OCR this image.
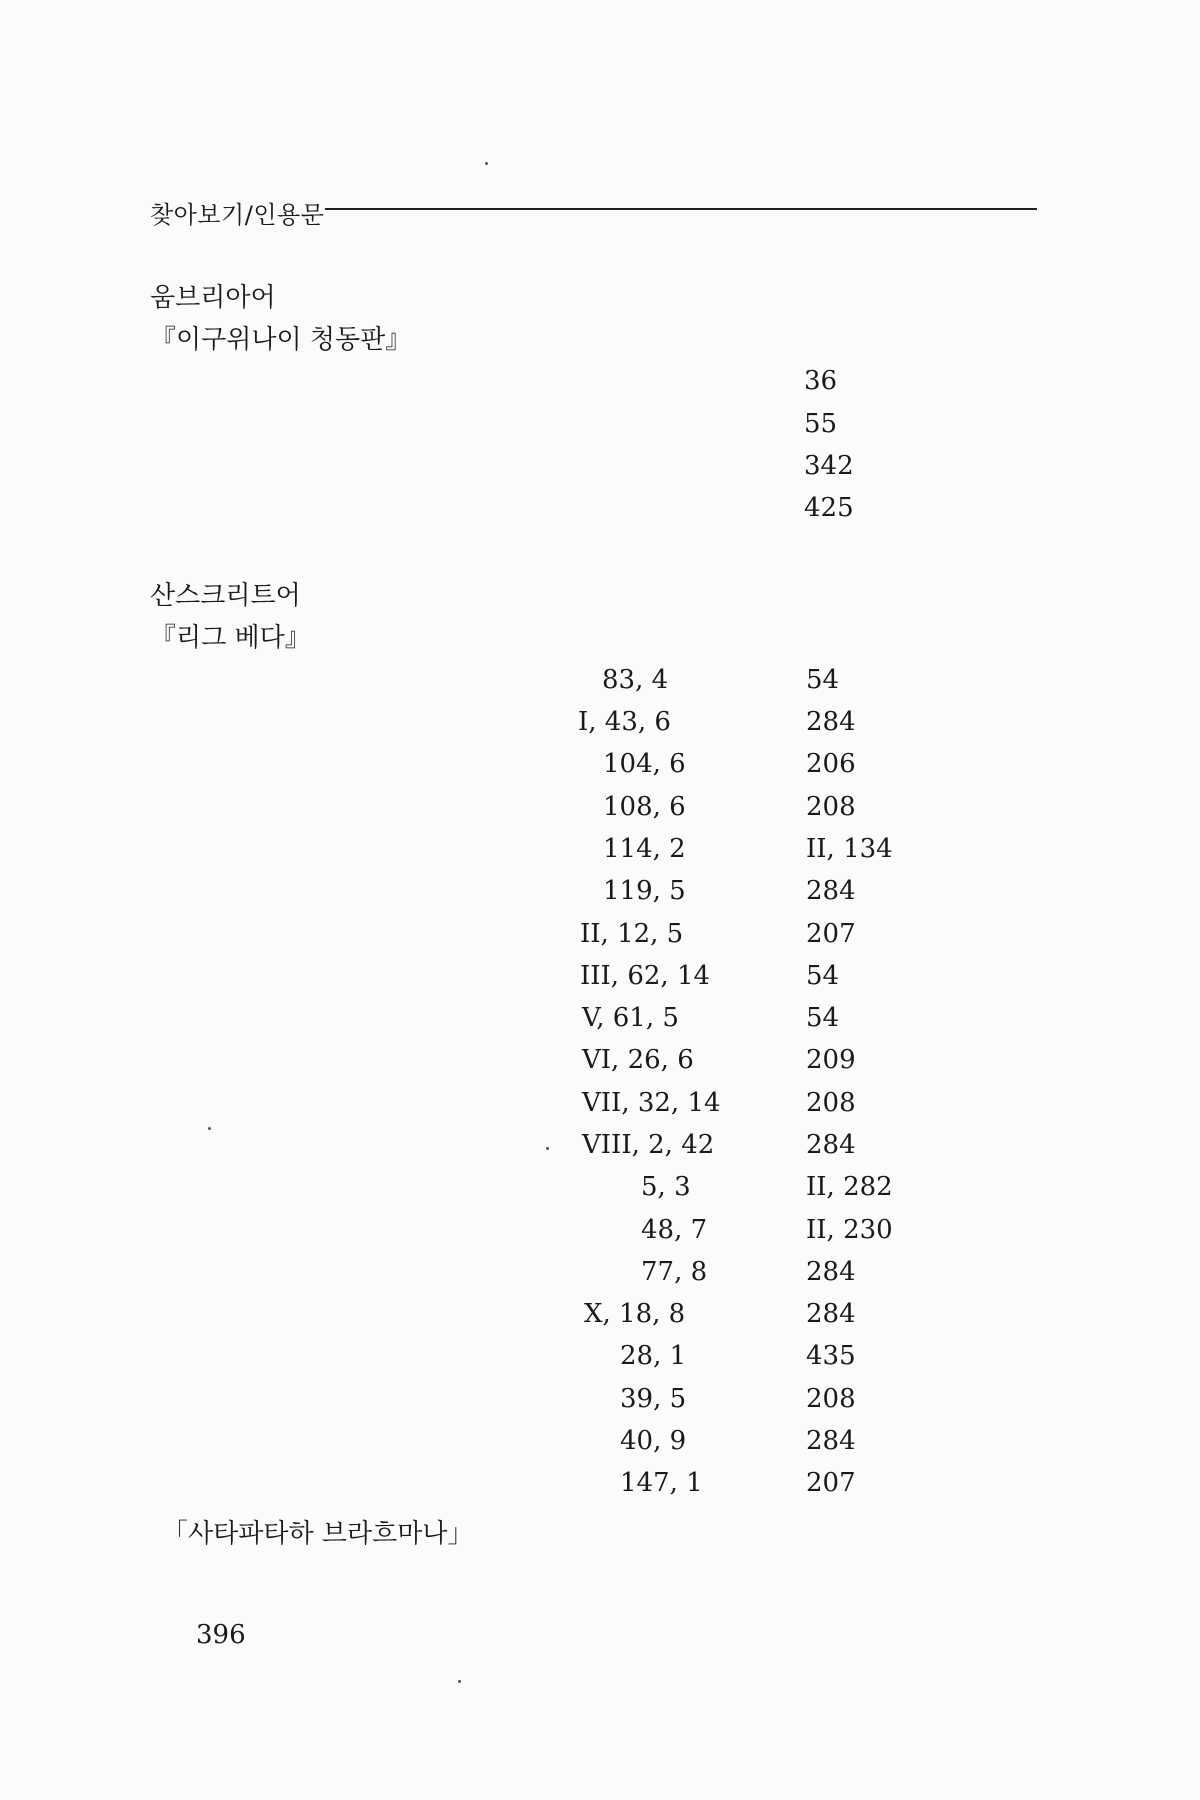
찾아보기/인용문
움브리아어
『이구위나이 청동판』
36
55
342
425
산스크리트어
『리그 베다』
83, 4
I, 43, 6
104, 6
108, 6
114, 2
119, 5
II, 12, 5
III, 62, 14
V, 61, 5
VI, 26, 6
VII, 32, 14
VIII, 2, 42
5, 3
48, 7
77, 8
X, 18, 8
28, 1
39, 5
40, 9
147, 1
54
284
206
208
II, 134
284
207
54
54
209
208
284
II, 282
II, 230
284
284
435
208
284
207
「사타파타하 브라흐마나」
396
